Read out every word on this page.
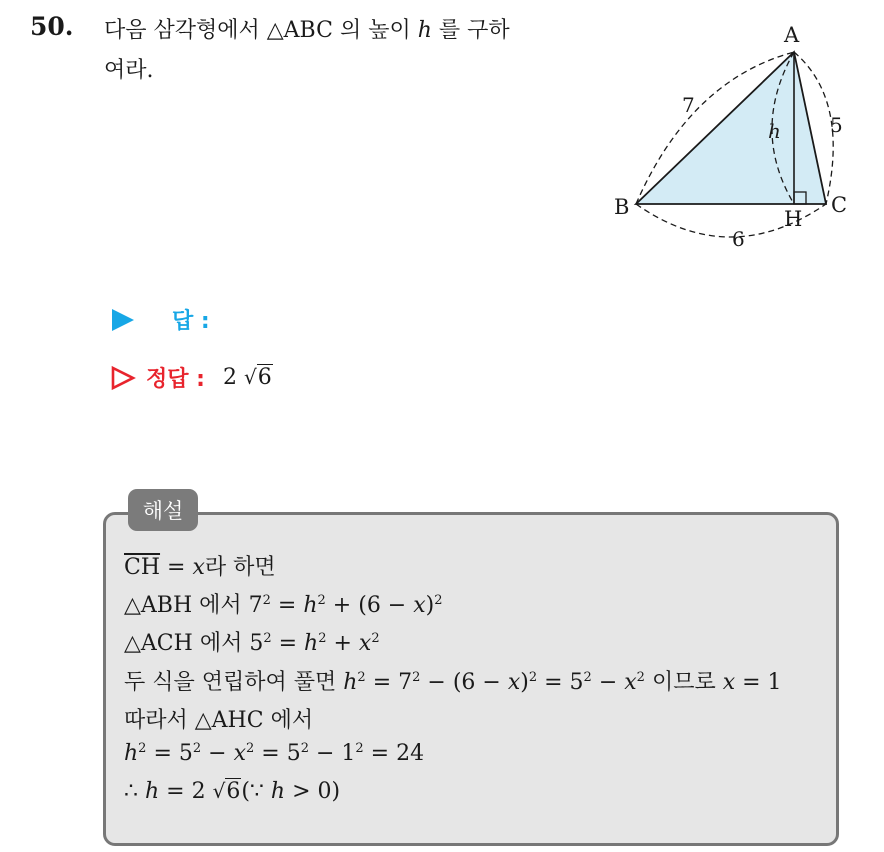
50. 다음 삼각형에서 △ABC 의 높이 h 를 구하
여라.
A
B	C
H
h
7
5
6
답 :
정답 : 2 √6
해설
$\overline{CH} = x$라 하면
△ABH 에서 $7^2 = h^2 + (6 - x)^2$
△ACH 에서 $5^2 = h^2 + x^2$
두 식을 연립하여 풀면 $h^2 = 7^2 - (6 - x)^2 = 5^2 - x^2$ 이므로 x = 1
따라서 △AHC 에서
$h^2 = 5^2 - x^2 = 5^2 - 1^2 = 24$
∴ h = 2 √6(∵ h > 0)
